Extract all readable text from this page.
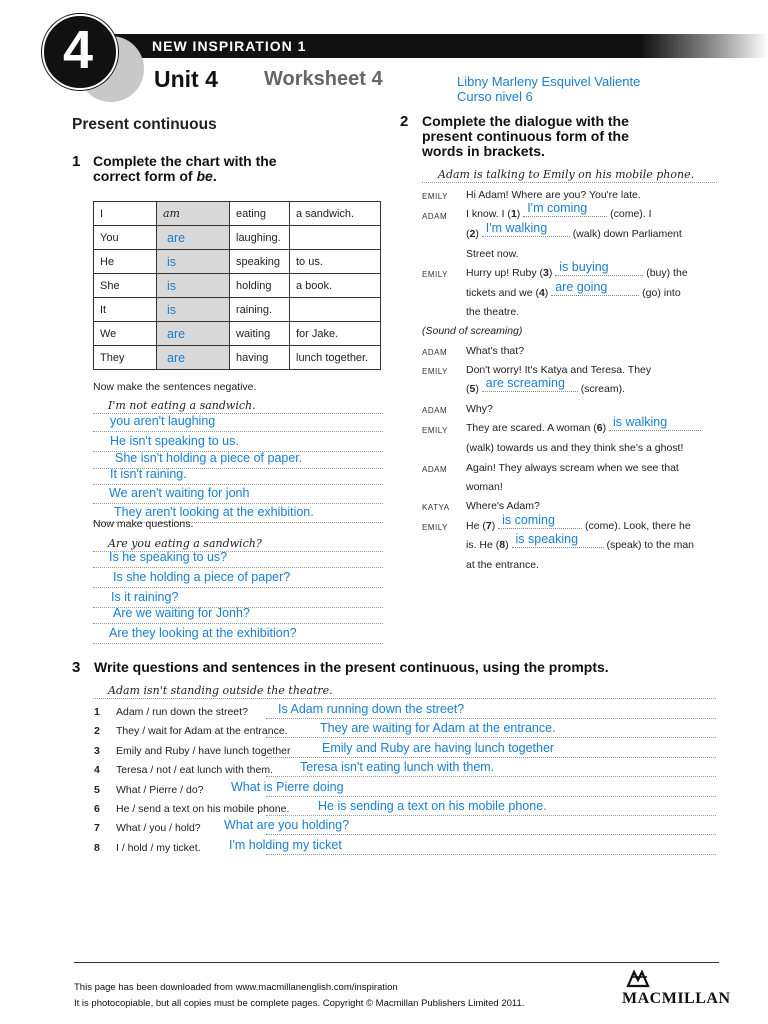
NEW INSPIRATION 1
4	Unit 4 Worksheet 4	Libny Marleny Esquivel Valiente
Curso nivel 6
Present continuous
1 Complete the chart with the
correct form of be.
I	am	eating	a sandwich.
You	are	laughing.	
He	is	speaking	to us.
She	is	holding	a book.
It	is	raining.	
We	are	waiting	for Jake.
They	are	having	lunch together.
Now make the sentences negative.
I'm not eating a sandwich.
you aren't laughing
He isn't speaking to us.
She isn't holding a piece of paper.
It isn't raining.
We aren't waiting for jonh
They aren't looking at the exhibition.
Now make questions.
Are you eating a sandwich?
Is he speaking to us?
Is she holding a piece of paper?
Is it raining?
Are we waiting for Jonh?
Are they looking at the exhibition?
2 Complete the dialogue with the
present continuous form of the
words in brackets.
Adam is talking to Emily on his mobile phone.
EMILY Hi Adam! Where are you? You're late.
ADAM I know. I (1) I'm coming (come). I
(2) I'm walking (walk) down Parliament
Street now.
EMILY Hurry up! Ruby (3) is buying	(buy) the
tickets and we (4) are going	(go) into
the theatre.
(Sound of screaming)
ADAM What's that?
EMILY Don't worry! It's Katya and Teresa. They
(5) are screaming (scream).
ADAM Why?
EMILY They are scared. A woman (6) is walking
(walk) towards us and they think she's a ghost!
ADAM Again! They always scream when we see that
woman!
KATYA Where's Adam?
EMILY He (7) is coming	(come). Look, there he
is. He (8) is speaking	(speak) to the man
at the entrance.
3 Write questions and sentences in the present continuous, using the prompts.
Adam isn't standing outside the theatre.
1 Adam / run down the street? Is Adam running down the street?
2 They / wait for Adam at the entrance.	They are waiting for Adam at the entrance.
3 Emily and Ruby / have lunch together	Emily and Ruby are having lunch together
4 Teresa / not / eat lunch with them. Teresa isn't eating lunch with them.
5 What / Pierre / do? What is Pierre doing
6 He / send a text on his mobile phone. He is sending a text on his mobile phone.
7 What / you / hold? What are you holding?
8 I / hold / my ticket. I'm holding my ticket
This page has been downloaded from www.macmillanenglish.com/inspiration
It is photocopiable, but all copies must be complete pages. Copyright © Macmillan Publishers Limited 2011.	MACMILLAN
